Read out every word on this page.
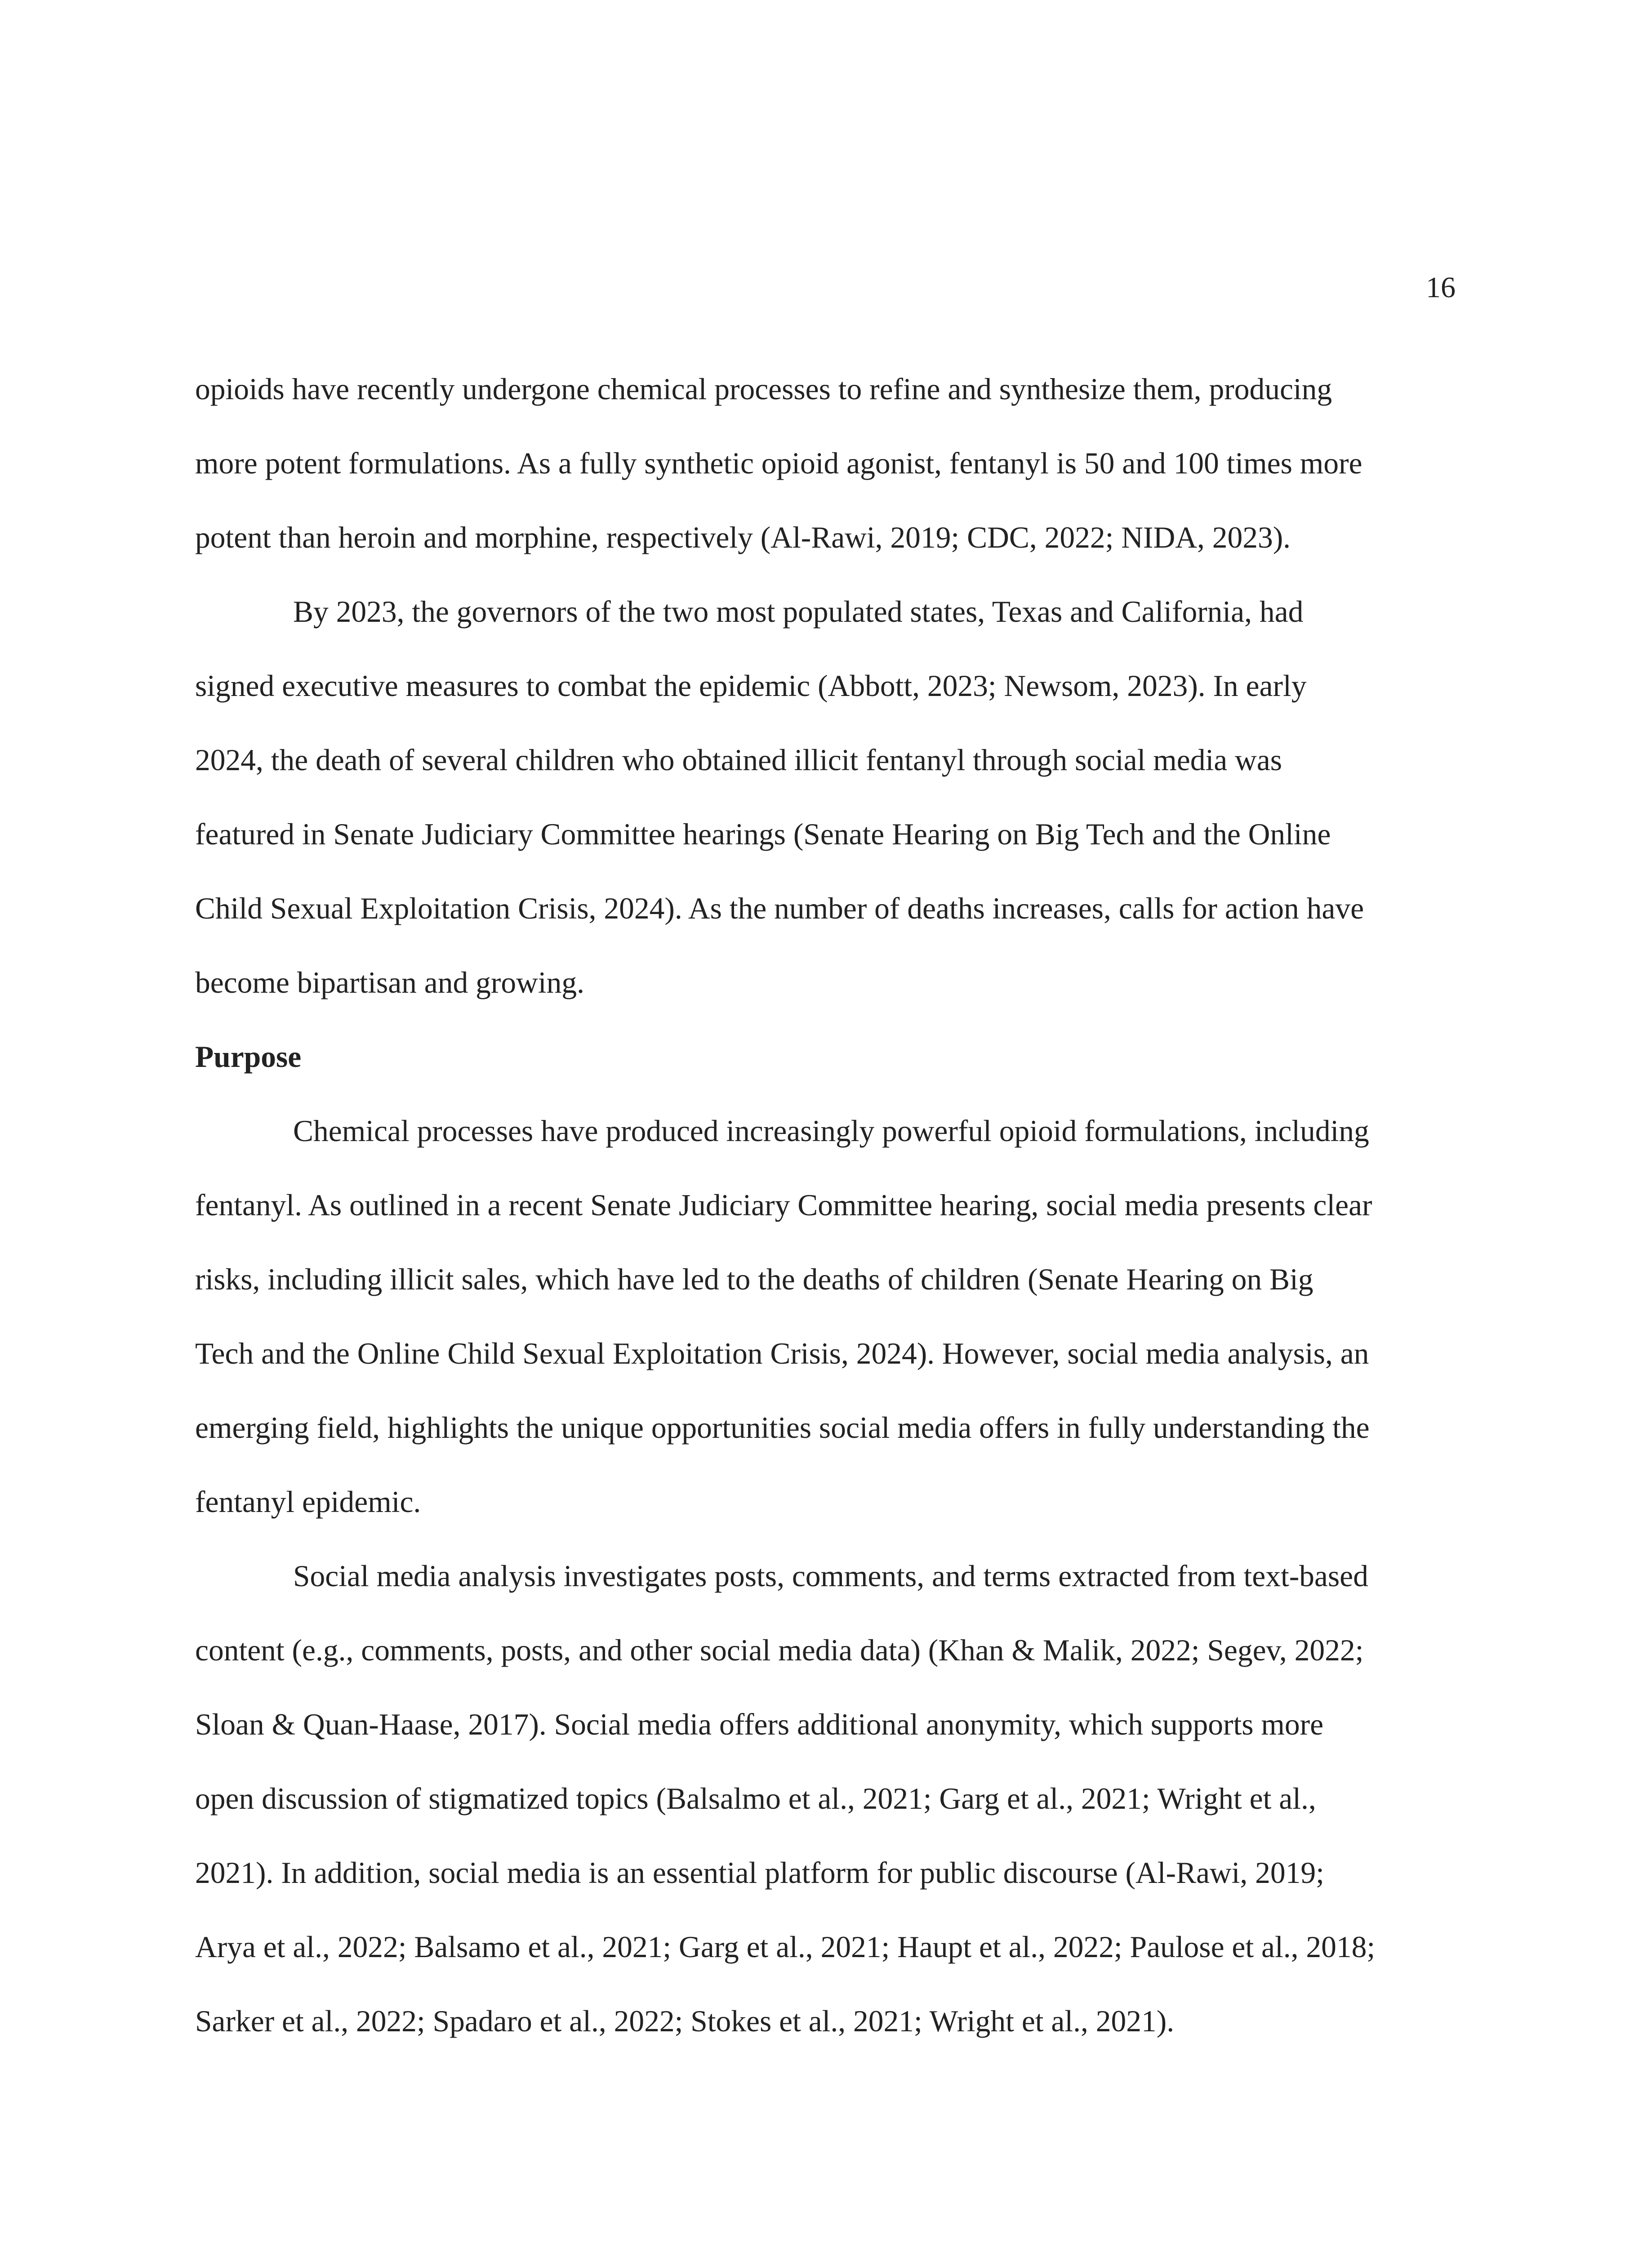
16
opioids have recently undergone chemical processes to refine and synthesize them, producing
more potent formulations. As a fully synthetic opioid agonist, fentanyl is 50 and 100 times more
potent than heroin and morphine, respectively (Al-Rawi, 2019; CDC, 2022; NIDA, 2023).
By 2023, the governors of the two most populated states, Texas and California, had
signed executive measures to combat the epidemic (Abbott, 2023; Newsom, 2023). In early
2024, the death of several children who obtained illicit fentanyl through social media was
featured in Senate Judiciary Committee hearings (Senate Hearing on Big Tech and the Online
Child Sexual Exploitation Crisis, 2024). As the number of deaths increases, calls for action have
become bipartisan and growing.
Purpose
Chemical processes have produced increasingly powerful opioid formulations, including
fentanyl. As outlined in a recent Senate Judiciary Committee hearing, social media presents clear
risks, including illicit sales, which have led to the deaths of children (Senate Hearing on Big
Tech and the Online Child Sexual Exploitation Crisis, 2024). However, social media analysis, an
emerging field, highlights the unique opportunities social media offers in fully understanding the
fentanyl epidemic.
Social media analysis investigates posts, comments, and terms extracted from text-based
content (e.g., comments, posts, and other social media data) (Khan & Malik, 2022; Segev, 2022;
Sloan & Quan-Haase, 2017). Social media offers additional anonymity, which supports more
open discussion of stigmatized topics (Balsalmo et al., 2021; Garg et al., 2021; Wright et al.,
2021). In addition, social media is an essential platform for public discourse (Al-Rawi, 2019;
Arya et al., 2022; Balsamo et al., 2021; Garg et al., 2021; Haupt et al., 2022; Paulose et al., 2018;
Sarker et al., 2022; Spadaro et al., 2022; Stokes et al., 2021; Wright et al., 2021).
